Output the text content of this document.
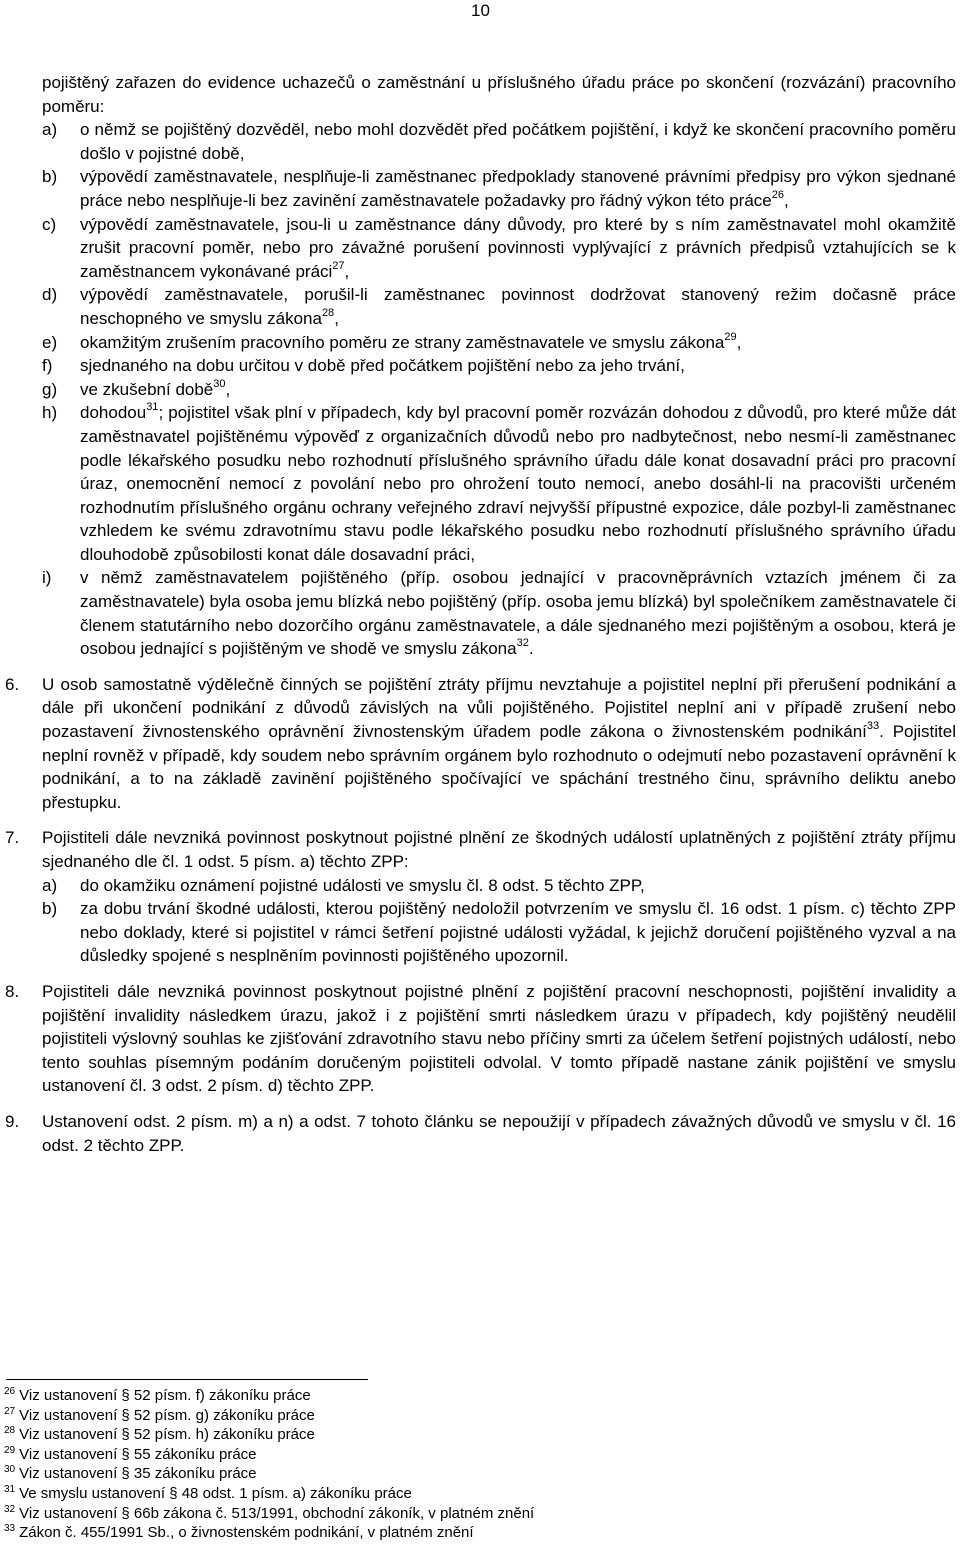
10

pojištěný zařazen do evidence uchazečů o zaměstnání u příslušného úřadu práce po skončení (rozvázání) pracovního poměru:

a) o němž se pojištěný dozvěděl, nebo mohl dozvědět před počátkem pojištění, i když ke skončení pracovního poměru došlo v pojistné době,
b) výpovědí zaměstnavatele, nesplňuje-li zaměstnanec předpoklady stanovené právními předpisy pro výkon sjednané práce nebo nesplňuje-li bez zavinění zaměstnavatele požadavky pro řádný výkon této práce$^{26}$,
c) výpovědí zaměstnavatele, jsou-li u zaměstnance dány důvody, pro které by s ním zaměstnavatel mohl okamžitě zrušit pracovní poměr, nebo pro závažné porušení povinnosti vyplývající z právních předpisů vztahujících se k zaměstnancem vykonávané práci$^{27}$,
d) výpovědí zaměstnavatele, porušil-li zaměstnanec povinnost dodržovat stanovený režim dočasně práce neschopného ve smyslu zákona$^{28}$,
e) okamžitým zrušením pracovního poměru ze strany zaměstnavatele ve smyslu zákona$^{29}$,
f) sjednaného na dobu určitou v době před počátkem pojištění nebo za jeho trvání,
g) ve zkušební době$^{30}$,
h) dohodou$^{31}$; pojistitel však plní v případech, kdy byl pracovní poměr rozvázán dohodou z důvodů, pro které může dát zaměstnavatel pojištěnému výpověď z organizačních důvodů nebo pro nadbytečnost, nebo nesmí-li zaměstnanec podle lékařského posudku nebo rozhodnutí příslušného správního úřadu dále konat dosavadní práci pro pracovní úraz, onemocnění nemocí z povolání nebo pro ohrožení touto nemocí, anebo dosáhl-li na pracovišti určeném rozhodnutím příslušného orgánu ochrany veřejného zdraví nejvyšší přípustné expozice, dále pozbyl-li zaměstnanec vzhledem ke svému zdravotnímu stavu podle lékařského posudku nebo rozhodnutí příslušného správního úřadu dlouhodobě způsobilosti konat dále dosavadní práci,
i) v němž zaměstnavatelem pojištěného (příp. osobou jednající v pracovněprávních vztazích jménem či za zaměstnavatele) byla osoba jemu blízká nebo pojištěný (příp. osoba jemu blízká) byl společníkem zaměstnavatele či členem statutárního nebo dozorčího orgánu zaměstnavatele, a dále sjednaného mezi pojištěným a osobou, která je osobou jednající s pojištěným ve shodě ve smyslu zákona$^{32}$.
6. U osob samostatně výdělečně činných se pojištění ztráty příjmu nevztahuje a pojistitel neplní při přerušení podnikání a dále při ukončení podnikání z důvodů závislých na vůli pojištěného. Pojistitel neplní ani v případě zrušení nebo pozastavení živnostenského oprávnění živnostenským úřadem podle zákona o živnostenském podnikání$^{33}$. Pojistitel neplní rovněž v případě, kdy soudem nebo správním orgánem bylo rozhodnuto o odejmutí nebo pozastavení oprávnění k podnikání, a to na základě zavinění pojištěného spočívající ve spáchání trestného činu, správního deliktu anebo přestupku.
7. Pojistiteli dále nevzniká povinnost poskytnout pojistné plnění ze škodných událostí uplatněných z pojištění ztráty příjmu sjednaného dle čl. 1 odst. 5 písm. a) těchto ZPP:
a) do okamžiku oznámení pojistné události ve smyslu čl. 8 odst. 5 těchto ZPP,
b) za dobu trvání škodné události, kterou pojištěný nedoložil potvrzením ve smyslu čl. 16 odst. 1 písm. c) těchto ZPP nebo doklady, které si pojistitel v rámci šetření pojistné události vyžádal, k jejichž doručení pojištěného vyzval a na důsledky spojené s nesplněním povinnosti pojištěného upozornil.
8. Pojistiteli dále nevzniká povinnost poskytnout pojistné plnění z pojištění pracovní neschopnosti, pojištění invalidity a pojištění invalidity následkem úrazu, jakož i z pojištění smrti následkem úrazu v případech, kdy pojištěný neudělil pojistiteli výslovný souhlas ke zjišťování zdravotního stavu nebo příčiny smrti za účelem šetření pojistných událostí, nebo tento souhlas písemným podáním doručeným pojistiteli odvolal. V tomto případě nastane zánik pojištění ve smyslu ustanovení čl. 3 odst. 2 písm. d) těchto ZPP.
9. Ustanovení odst. 2 písm. m) a n) a odst. 7 tohoto článku se nepoužijí v případech závažných důvodů ve smyslu v čl. 16 odst. 2 těchto ZPP.
$^{26}$ Viz ustanovení § 52 písm. f) zákoníku práce
$^{27}$ Viz ustanovení § 52 písm. g) zákoníku práce
$^{28}$ Viz ustanovení § 52 písm. h) zákoníku práce
$^{29}$ Viz ustanovení § 55 zákoníku práce
$^{30}$ Viz ustanovení § 35 zákoníku práce
$^{31}$ Ve smyslu ustanovení § 48 odst. 1 písm. a) zákoníku práce
$^{32}$ Viz ustanovení § 66b zákona č. 513/1991, obchodní zákoník, v platném znění
$^{33}$ Zákon č. 455/1991 Sb., o živnostenském podnikání, v platném znění
